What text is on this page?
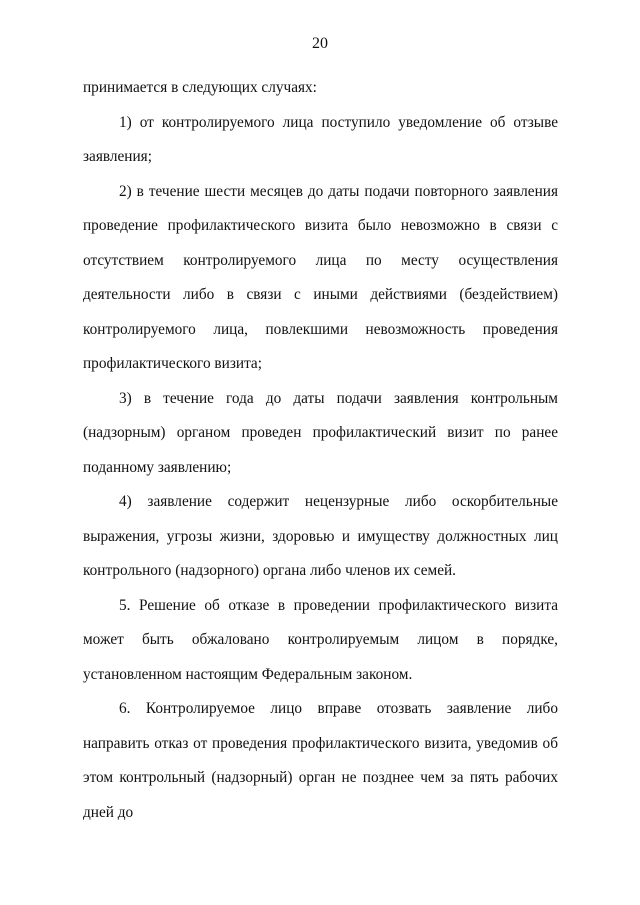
20

принимается в следующих случаях:

1) от контролируемого лица поступило уведомление об отзыве заявления;

2) в течение шести месяцев до даты подачи повторного заявления проведение профилактического визита было невозможно в связи с отсутствием контролируемого лица по месту осуществления деятельности либо в связи с иными действиями (бездействием) контролируемого лица, повлекшими невозможность проведения профилактического визита;

3) в течение года до даты подачи заявления контрольным (надзорным) органом проведен профилактический визит по ранее поданному заявлению;

4) заявление содержит нецензурные либо оскорбительные выражения, угрозы жизни, здоровью и имуществу должностных лиц контрольного (надзорного) органа либо членов их семей.

5. Решение об отказе в проведении профилактического визита может быть обжаловано контролируемым лицом в порядке, установленном настоящим Федеральным законом.

6. Контролируемое лицо вправе отозвать заявление либо направить отказ от проведения профилактического визита, уведомив об этом контрольный (надзорный) орган не позднее чем за пять рабочих дней до
